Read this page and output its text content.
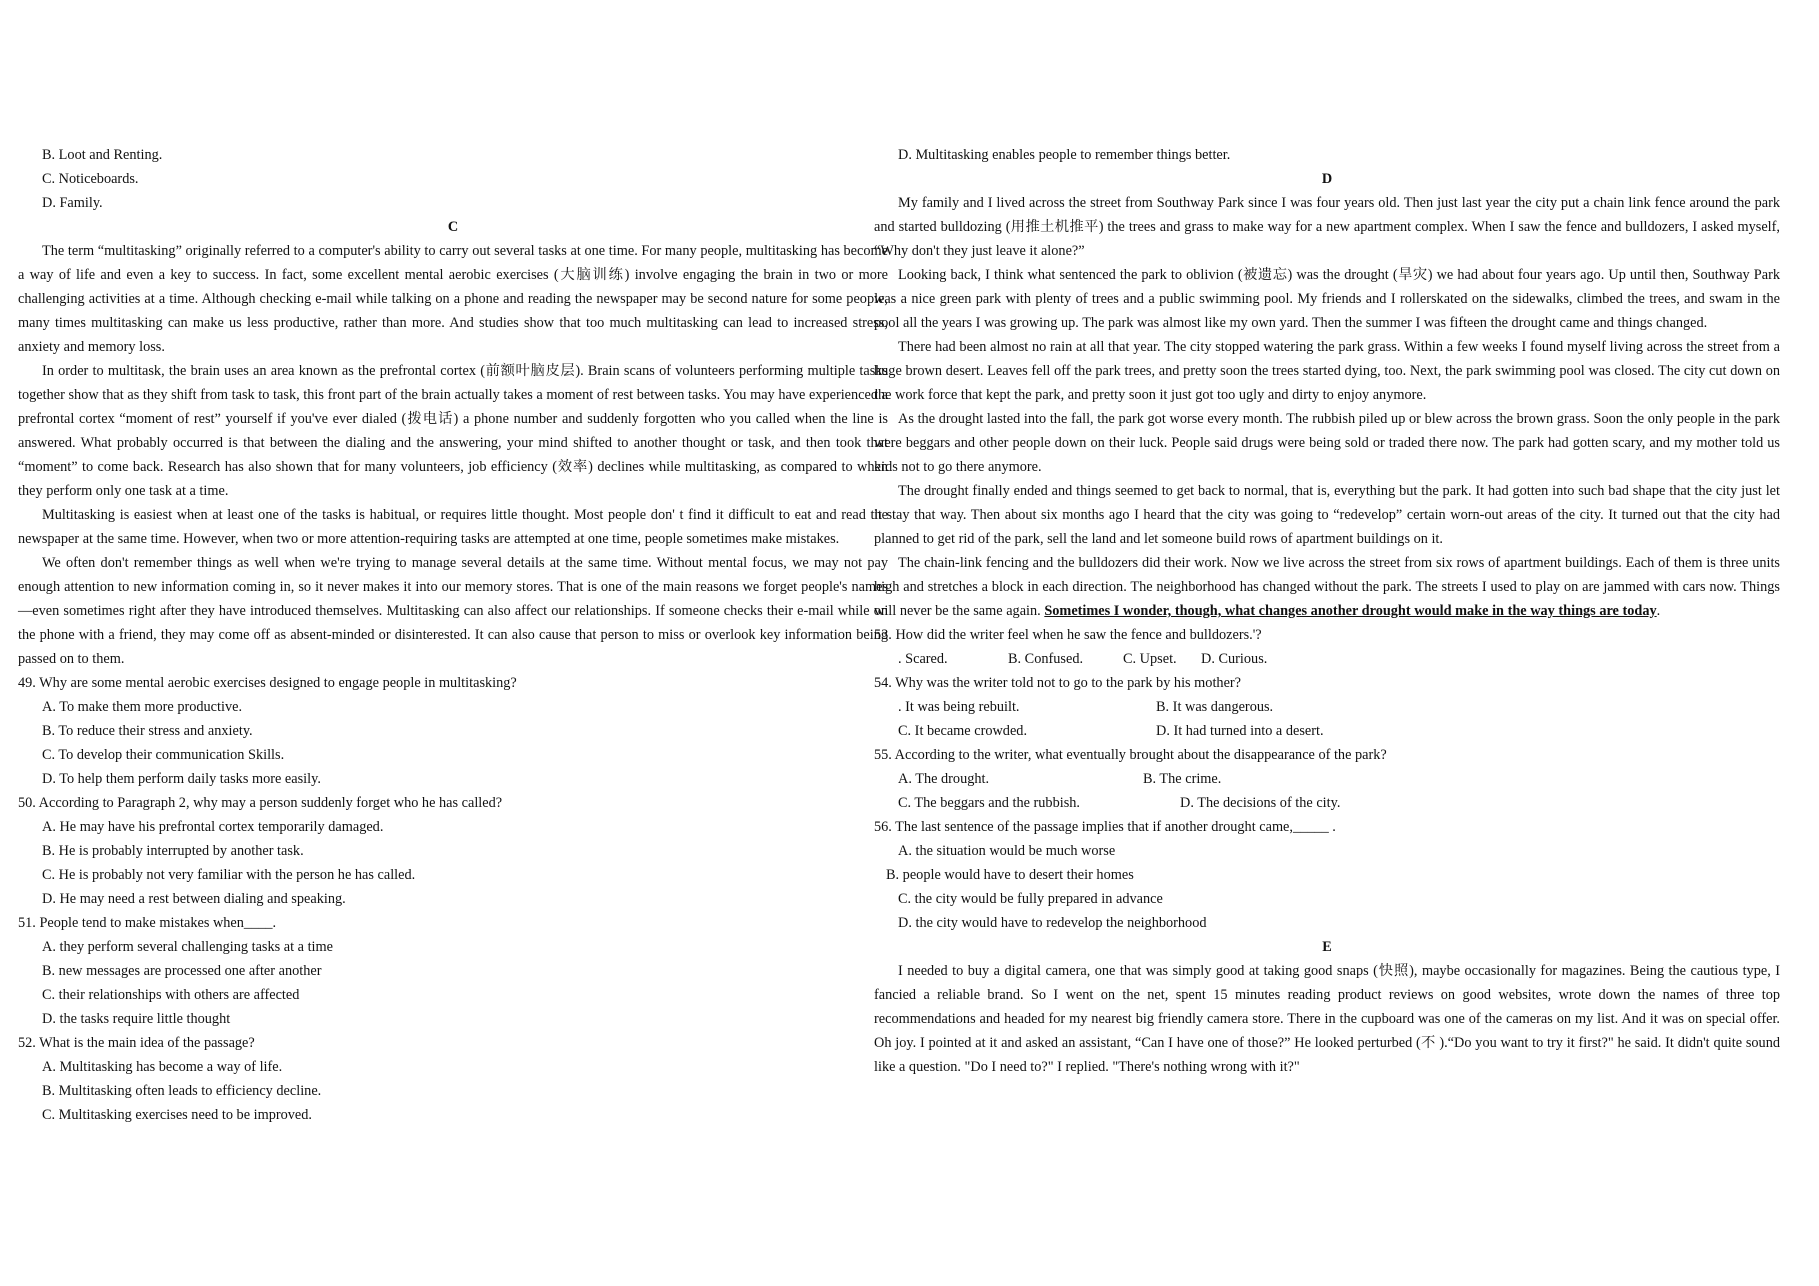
B. Loot and Renting.

C. Noticeboards.

D. Family.

C

The term “multitasking” originally referred to a computer's ability to carry out several tasks at one time. For many people, multitasking has become a way of life and even a key to success. In fact, some excellent mental aerobic exercises (大脑训练) involve engaging the brain in two or more challenging activities at a time. Although checking e-mail while talking on a phone and reading the newspaper may be second nature for some people, many times multitasking can make us less productive, rather than more. And studies show that too much multitasking can lead to increased stress, anxiety and memory loss.

In order to multitask, the brain uses an area known as the prefrontal cortex (前额叶脑皮层). Brain scans of volunteers performing multiple tasks together show that as they shift from task to task, this front part of the brain actually takes a moment of rest between tasks. You may have experienced a prefrontal cortex “moment of rest” yourself if you've ever dialed (拨电话) a phone number and suddenly forgotten who you called when the line is answered. What probably occurred is that between the dialing and the answering, your mind shifted to another thought or task, and then took that “moment” to come back. Research has also shown that for many volunteers, job efficiency (效率) declines while multitasking, as compared to when they perform only one task at a time.

Multitasking is easiest when at least one of the tasks is habitual, or requires little thought. Most people don' t find it difficult to eat and read the newspaper at the same time. However, when two or more attention-requiring tasks are attempted at one time, people sometimes make mistakes.

We often don't remember things as well when we're trying to manage several details at the same time. Without mental focus, we may not pay enough attention to new information coming in, so it never makes it into our memory stores. That is one of the main reasons we forget people's names—even sometimes right after they have introduced themselves. Multitasking can also affect our relationships. If someone checks their e-mail while on the phone with a friend, they may come off as absent-minded or disinterested. It can also cause that person to miss or overlook key information being passed on to them.

49. Why are some mental aerobic exercises designed to engage people in multitasking?

A. To make them more productive.

B. To reduce their stress and anxiety.

C. To develop their communication Skills.

D. To help them perform daily tasks more easily.

50. According to Paragraph 2, why may a person suddenly forget who he has called?

A. He may have his prefrontal cortex temporarily damaged.

B. He is probably interrupted by another task.

C. He is probably not very familiar with the person he has called.

D. He may need a rest between dialing and speaking.

51. People tend to make mistakes when____.

A. they perform several challenging tasks at a time

B. new messages are processed one after another

C. their relationships with others are affected

D. the tasks require little thought

52. What is the main idea of the passage?

A. Multitasking has become a way of life.

B. Multitasking often leads to efficiency decline.

C. Multitasking exercises need to be improved.

D. Multitasking enables people to remember things better.

D

My family and I lived across the street from Southway Park since I was four years old. Then just last year the city put a chain link fence around the park and started bulldozing (用推土机推平) the trees and grass to make way for a new apartment complex. When I saw the fence and bulldozers, I asked myself, “Why don't they just leave it alone?”

Looking back, I think what sentenced the park to oblivion (被遗忘) was the drought (旱灾) we had about four years ago. Up until then, Southway Park was a nice green park with plenty of trees and a public swimming pool. My friends and I rollerskated on the sidewalks, climbed the trees, and swam in the pool all the years I was growing up. The park was almost like my own yard. Then the summer I was fifteen the drought came and things changed.

There had been almost no rain at all that year. The city stopped watering the park grass. Within a few weeks I found myself living across the street from a huge brown desert. Leaves fell off the park trees, and pretty soon the trees started dying, too. Next, the park swimming pool was closed. The city cut down on the work force that kept the park, and pretty soon it just got too ugly and dirty to enjoy anymore.

As the drought lasted into the fall, the park got worse every month. The rubbish piled up or blew across the brown grass. Soon the only people in the park were beggars and other people down on their luck. People said drugs were being sold or traded there now. The park had gotten scary, and my mother told us kids not to go there anymore.

The drought finally ended and things seemed to get back to normal, that is, everything but the park. It had gotten into such bad shape that the city just let it stay that way. Then about six months ago I heard that the city was going to “redevelop” certain worn-out areas of the city. It turned out that the city had planned to get rid of the park, sell the land and let someone build rows of apartment buildings on it.

The chain-link fencing and the bulldozers did their work. Now we live across the street from six rows of apartment buildings. Each of them is three units high and stretches a block in each direction. The neighborhood has changed without the park. The streets I used to play on are jammed with cars now. Things will never be the same again. Sometimes I wonder, though, what changes another drought would make in the way things are today.

53. How did the writer feel when he saw the fence and bulldozers.'?

. Scared.	B. Confused.	C. Upset.	D. Curious.

54. Why was the writer told not to go to the park by his mother?

. It was being rebuilt.	B. It was dangerous.
C. It became crowded.	D. It had turned into a desert.

55. According to the writer, what eventually brought about the disappearance of the park?

A. The drought.	B. The crime.
C. The beggars and the rubbish.	D. The decisions of the city.

56. The last sentence of the passage implies that if another drought came,_____ .

A. the situation would be much worse

B. people would have to desert their homes

C. the city would be fully prepared in advance

D. the city would have to redevelop the neighborhood

E

I needed to buy a digital camera, one that was simply good at taking good snaps (快照), maybe occasionally for magazines. Being the cautious type, I fancied a reliable brand. So I went on the net, spent 15 minutes reading product reviews on good websites, wrote down the names of three top recommendations and headed for my nearest big friendly camera store. There in the cupboard was one of the cameras on my list. And it was on special offer. Oh joy. I pointed at it and asked an assistant, “Can I have one of those?” He looked perturbed (不 ).“Do you want to try it first?" he said. It didn't quite sound like a question. "Do I need to?" I replied. "There's nothing wrong with it?"
